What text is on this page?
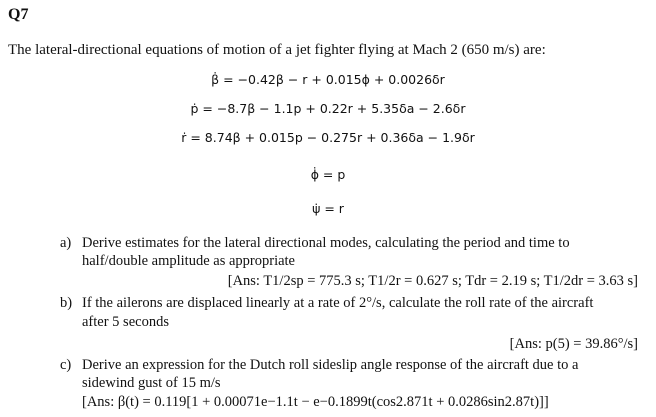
Q7
The lateral-directional equations of motion of a jet fighter flying at Mach 2 (650 m/s) are:
β̇ = −0.42β − r + 0.015ϕ + 0.0026δr
ṗ = −8.7β − 1.1p + 0.22r + 5.35δa − 2.6δr
ṙ = 8.74β + 0.015p − 0.275r + 0.36δa − 1.9δr
ϕ̇ = p
ψ̇ = r
a) Derive estimates for the lateral directional modes, calculating the period and time to
half/double amplitude as appropriate
[Ans: T1/2sp = 775.3 s; T1/2r = 0.627 s; Tdr = 2.19 s; T1/2dr = 3.63 s]
b) If the ailerons are displaced linearly at a rate of 2°/s, calculate the roll rate of the aircraft
after 5 seconds
[Ans: p(5) = 39.86°/s]
c) Derive an expression for the Dutch roll sideslip angle response of the aircraft due to a
sidewind gust of 15 m/s
[Ans: β(t) = 0.119[1 + 0.00071e−1.1t − e−0.1899t(cos2.871t + 0.0286sin2.87t)]]
